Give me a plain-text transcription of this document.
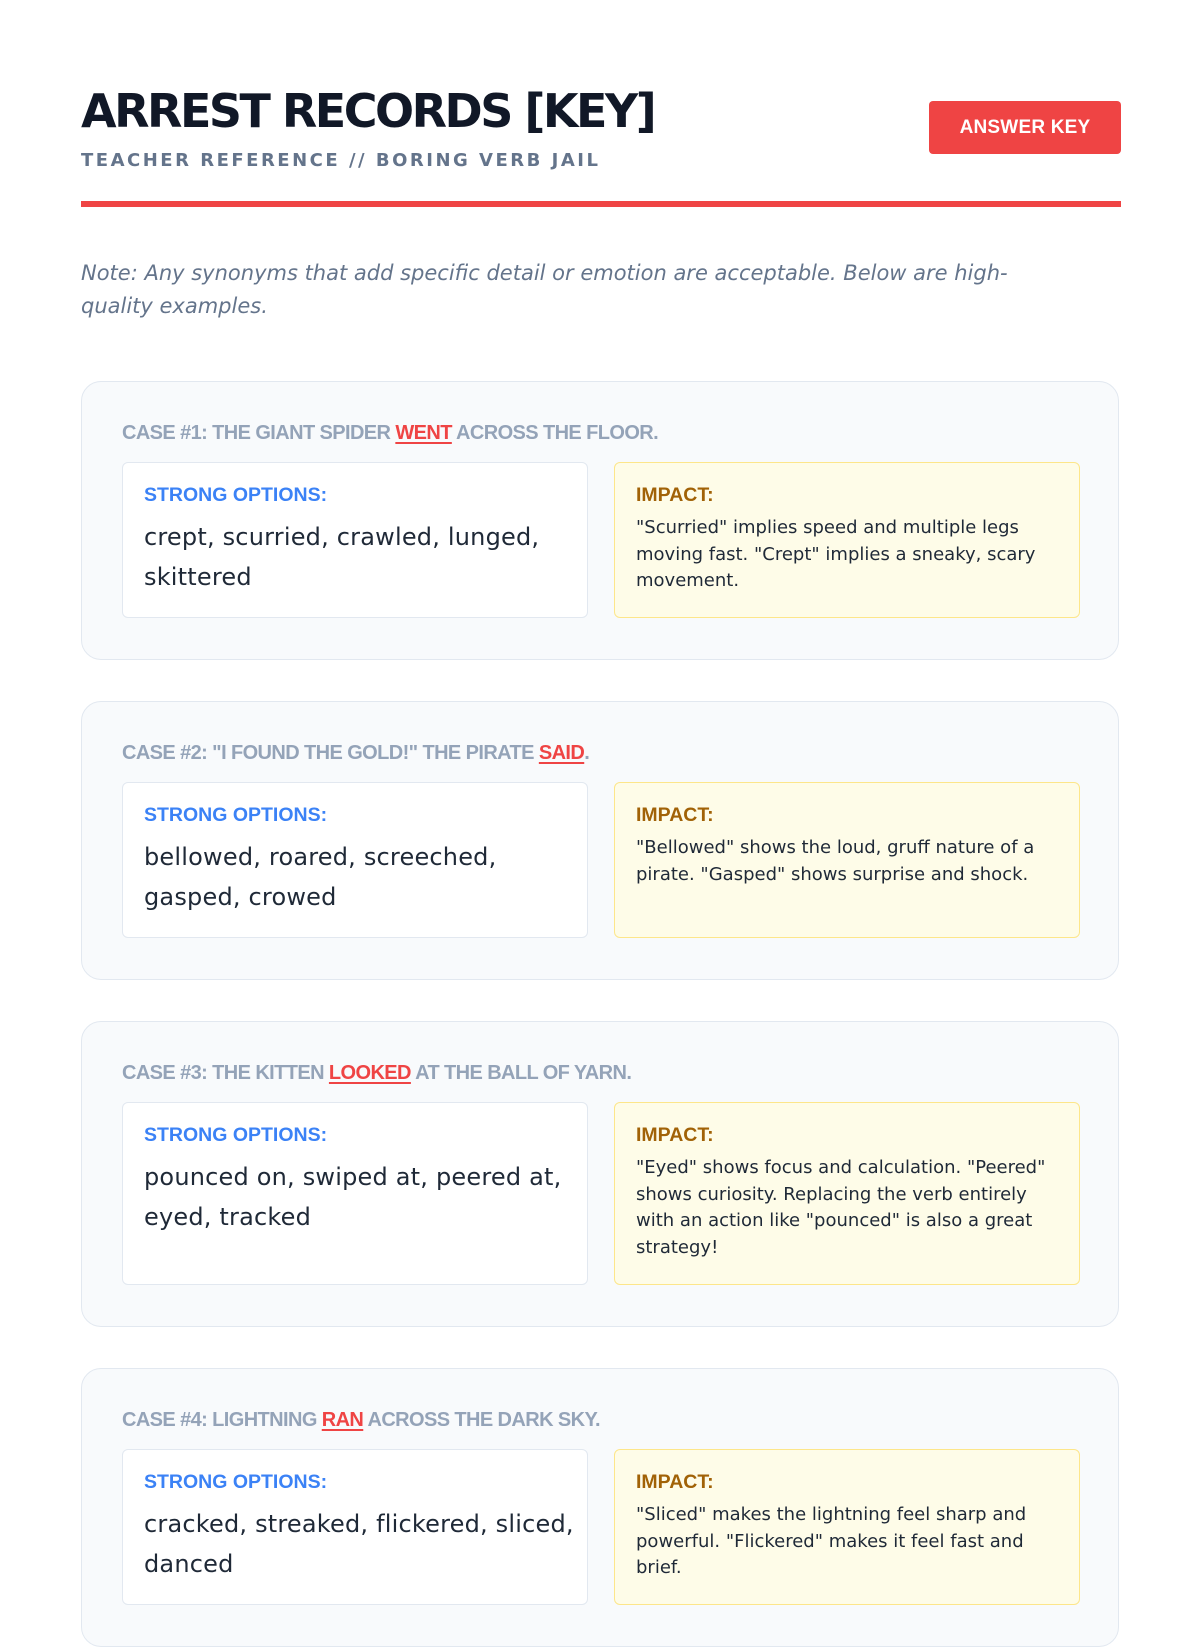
ARREST RECORDS [KEY]
TEACHER REFERENCE // BORING VERB JAIL
ANSWER KEY

Note: Any synonyms that add specific detail or emotion are acceptable. Below are high-quality examples.

CASE #1: THE GIANT SPIDER WENT ACROSS THE FLOOR.
STRONG OPTIONS:

crept, scurried, crawled, lunged, skittered

IMPACT:

"Scurried" implies speed and multiple legs moving fast. "Crept" implies a sneaky, scary movement.

CASE #2: "I FOUND THE GOLD!" THE PIRATE SAID.
STRONG OPTIONS:

bellowed, roared, screeched, gasped, crowed

IMPACT:

"Bellowed" shows the loud, gruff nature of a pirate. "Gasped" shows surprise and shock.

CASE #3: THE KITTEN LOOKED AT THE BALL OF YARN.
STRONG OPTIONS:

pounced on, swiped at, peered at, eyed, tracked

IMPACT:

"Eyed" shows focus and calculation. "Peered" shows curiosity. Replacing the verb entirely with an action like "pounced" is also a great strategy!

CASE #4: LIGHTNING RAN ACROSS THE DARK SKY.
STRONG OPTIONS:

cracked, streaked, flickered, sliced, danced

IMPACT:

"Sliced" makes the lightning feel sharp and powerful. "Flickered" makes it feel fast and brief.
